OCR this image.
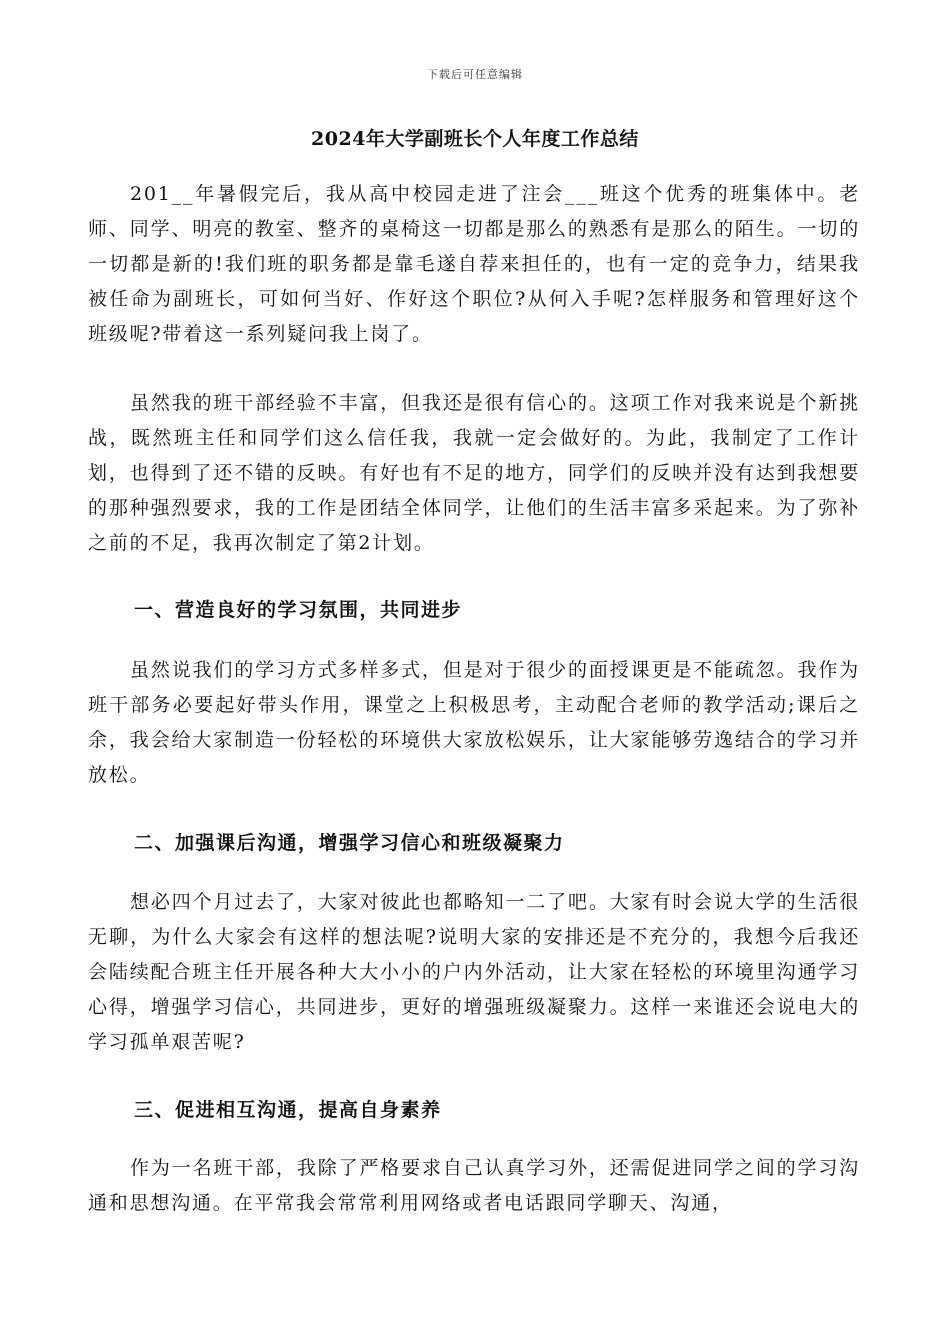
下载后可任意编辑
2024年大学副班长个人年度工作总结

201__年暑假完后，我从高中校园走进了注会___班这个优秀的班集体中。老师、同学、明亮的教室、整齐的桌椅这一切都是那么的熟悉有是那么的陌生。一切的一切都是新的!我们班的职务都是靠毛遂自荐来担任的，也有一定的竞争力，结果我被任命为副班长，可如何当好、作好这个职位?从何入手呢?怎样服务和管理好这个班级呢?带着这一系列疑问我上岗了。

虽然我的班干部经验不丰富，但我还是很有信心的。这项工作对我来说是个新挑战，既然班主任和同学们这么信任我，我就一定会做好的。为此，我制定了工作计划，也得到了还不错的反映。有好也有不足的地方，同学们的反映并没有达到我想要的那种强烈要求，我的工作是团结全体同学，让他们的生活丰富多采起来。为了弥补之前的不足，我再次制定了第2计划。

一、营造良好的学习氛围，共同进步

虽然说我们的学习方式多样多式，但是对于很少的面授课更是不能疏忽。我作为班干部务必要起好带头作用，课堂之上积极思考，主动配合老师的教学活动;课后之余，我会给大家制造一份轻松的环境供大家放松娱乐，让大家能够劳逸结合的学习并放松。

二、加强课后沟通，增强学习信心和班级凝聚力

想必四个月过去了，大家对彼此也都略知一二了吧。大家有时会说大学的生活很无聊，为什么大家会有这样的想法呢?说明大家的安排还是不充分的，我想今后我还会陆续配合班主任开展各种大大小小的户内外活动，让大家在轻松的环境里沟通学习心得，增强学习信心，共同进步，更好的增强班级凝聚力。这样一来谁还会说电大的学习孤单艰苦呢?

三、促进相互沟通，提高自身素养

作为一名班干部，我除了严格要求自己认真学习外，还需促进同学之间的学习沟通和思想沟通。在平常我会常常利用网络或者电话跟同学聊天、沟通，
